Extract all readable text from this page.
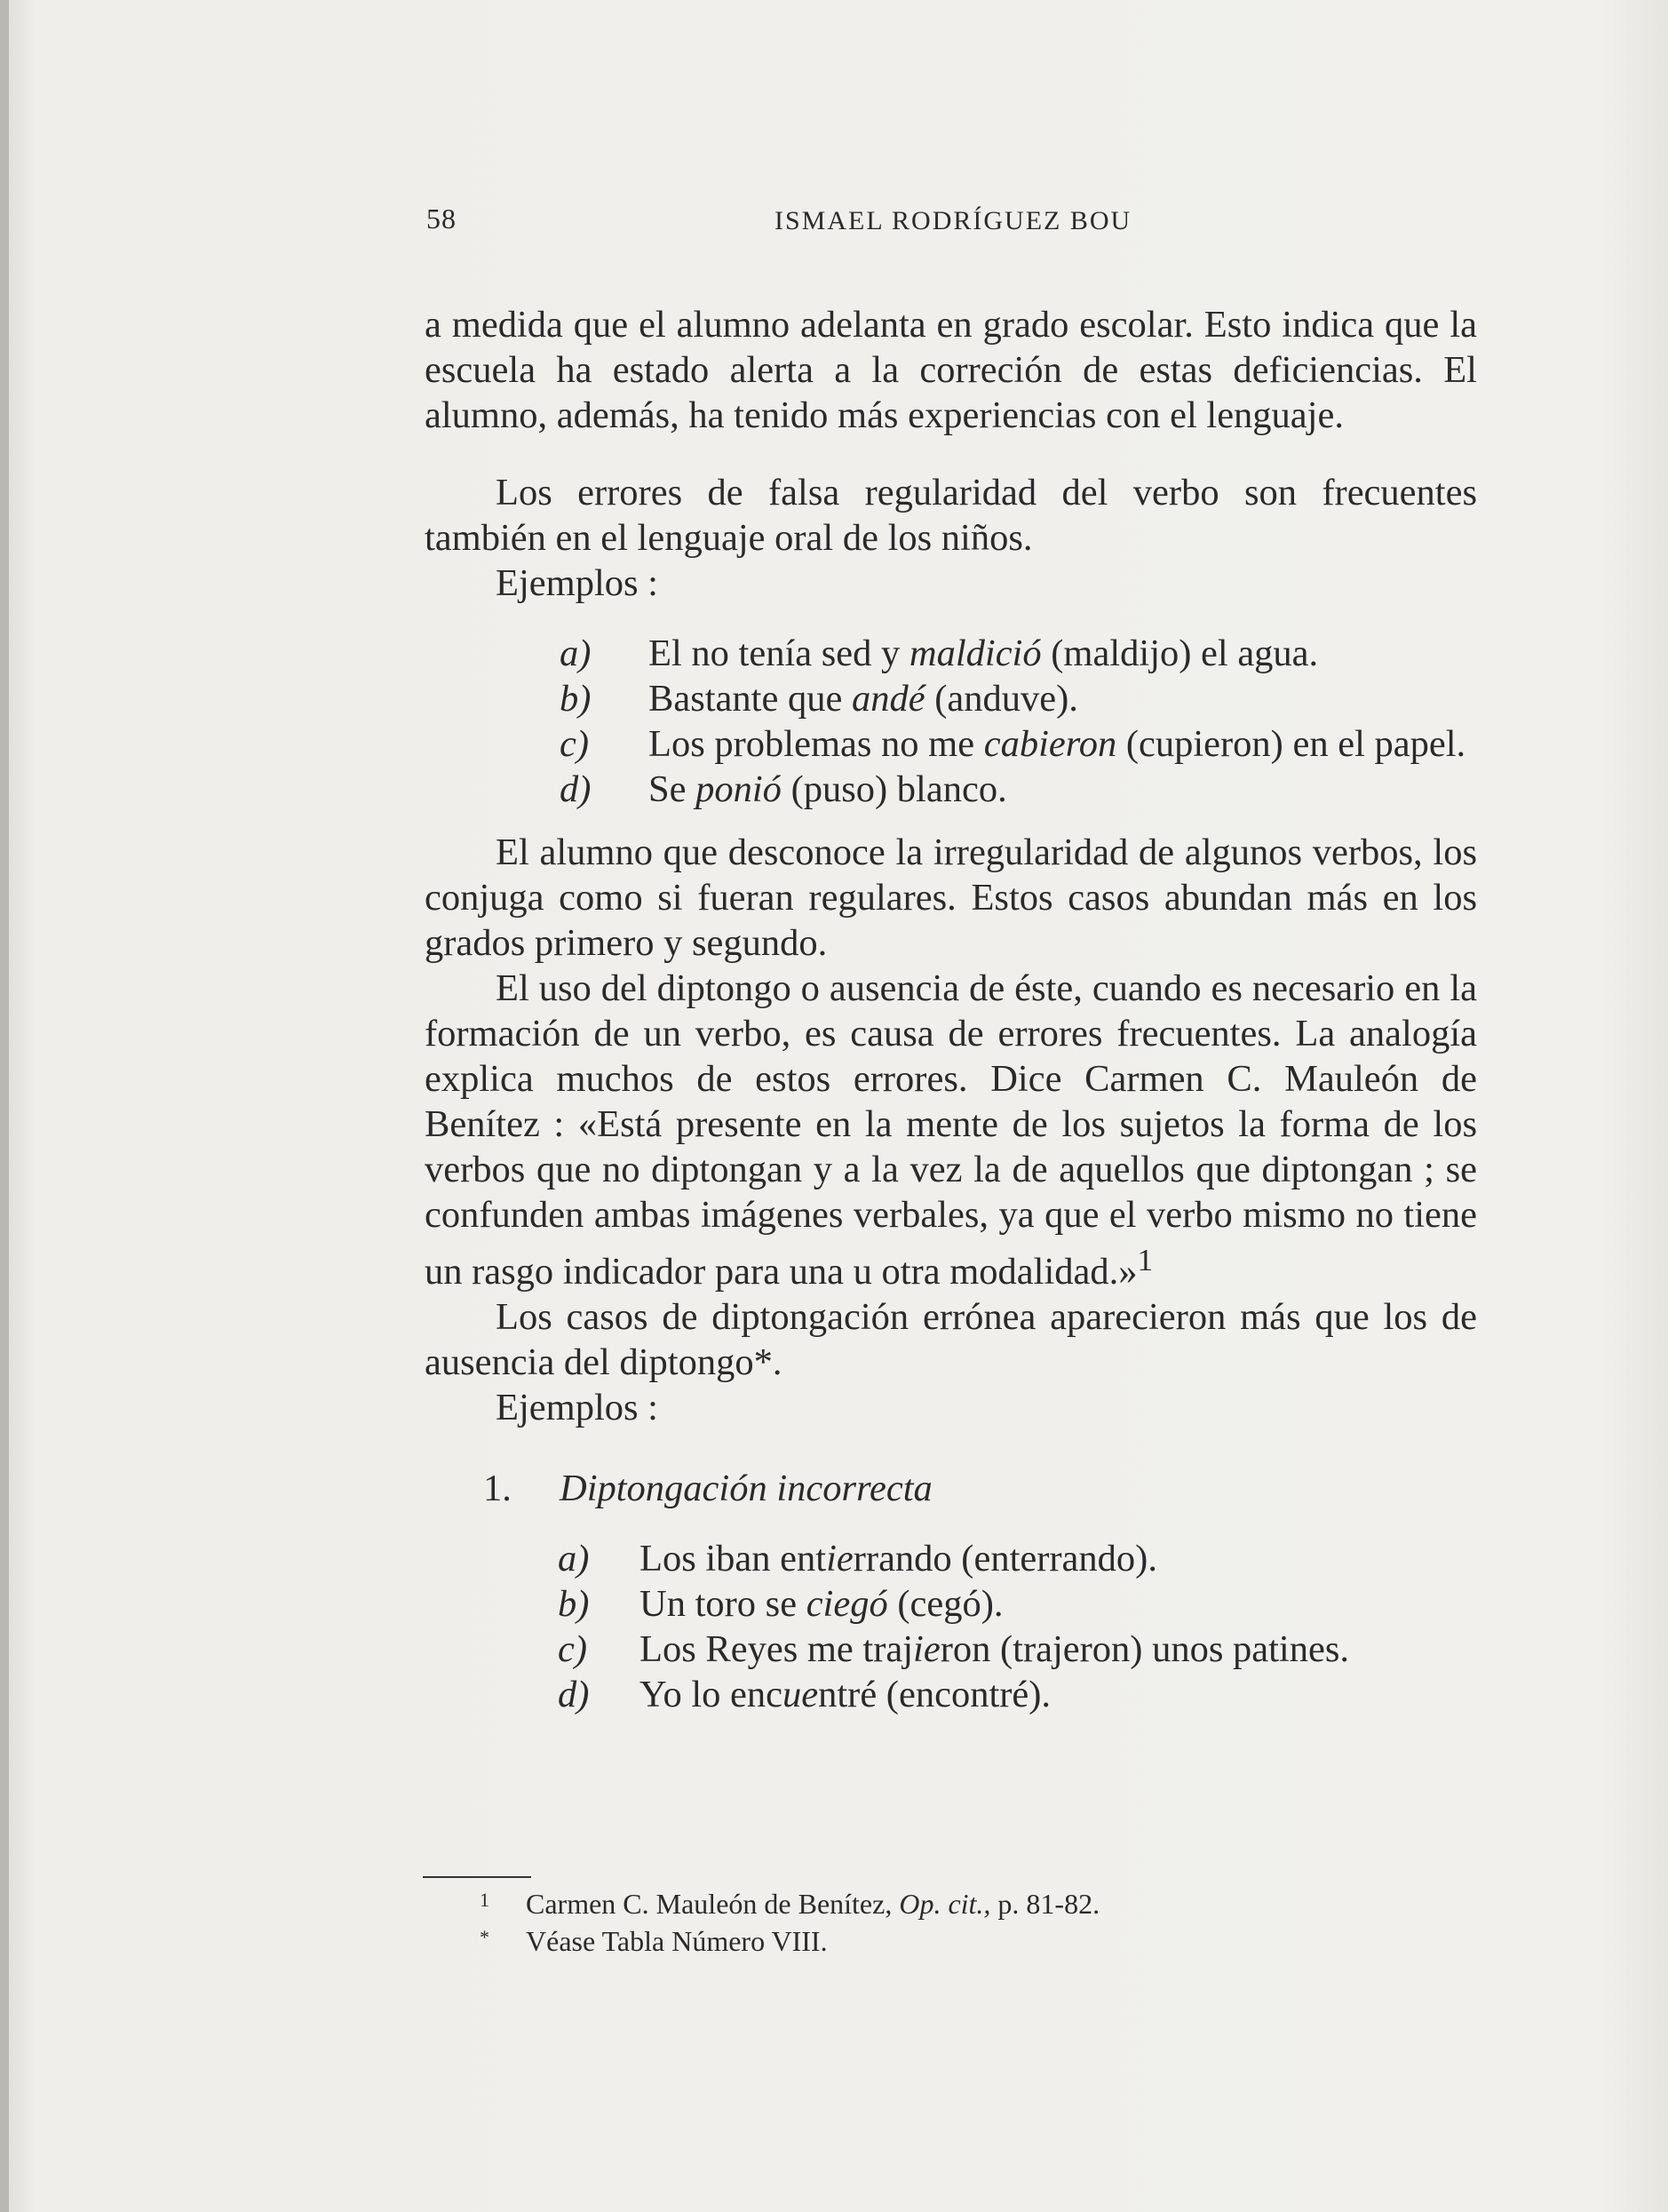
58	ISMAEL RODRÍGUEZ BOU

a medida que el alumno adelanta en grado escolar. Esto indica que la escuela ha estado alerta a la correción de estas deficiencias. El alumno, además, ha tenido más experiencias con el lenguaje.

Los errores de falsa regularidad del verbo son frecuentes también en el lenguaje oral de los niños.

Ejemplos :

a) El no tenía sed y maldició (maldijo) el agua.
b) Bastante que andé (anduve).
c) Los problemas no me cabieron (cupieron) en el papel.
d) Se ponió (puso) blanco.

El alumno que desconoce la irregularidad de algunos verbos, los conjuga como si fueran regulares. Estos casos abundan más en los grados primero y segundo.

El uso del diptongo o ausencia de éste, cuando es necesario en la formación de un verbo, es causa de errores frecuentes. La analogía explica muchos de estos errores. Dice Carmen C. Mauleón de Benítez : «Está presente en la mente de los sujetos la forma de los verbos que no diptongan y a la vez la de aquellos que diptongan ; se confunden ambas imágenes verbales, ya que el verbo mismo no tiene un rasgo indicador para una u otra modalidad.»$^1$

Los casos de diptongación errónea aparecieron más que los de ausencia del diptongo*.

Ejemplos :

1. Diptongación incorrecta
a) Los iban entierrando (enterrando).
b) Un toro se ciegó (cegó).
c) Los Reyes me trajieron (trajeron) unos patines.
d) Yo lo encuentré (encontré).
1 Carmen C. Mauleón de Benítez, Op. cit., p. 81-82.
* Véase Tabla Número VIII.
